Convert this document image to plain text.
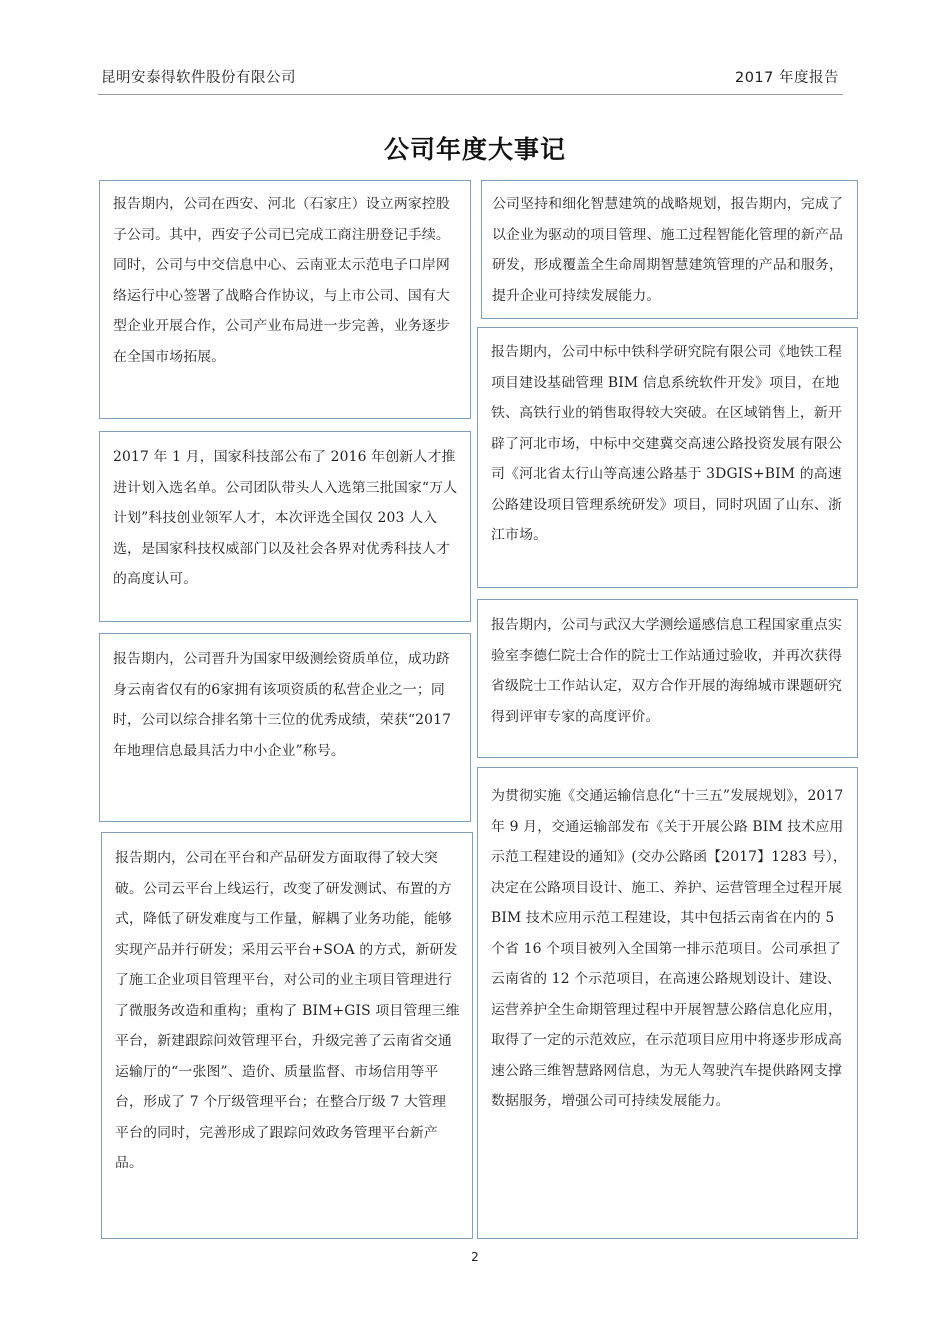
昆明安泰得软件股份有限公司	2017 年度报告
公司年度大事记

报告期内，公司在西安、河北（石家庄）设立两家控股子公司。其中，西安子公司已完成工商注册登记手续。同时，公司与中交信息中心、云南亚太示范电子口岸网络运行中心签署了战略合作协议，与上市公司、国有大型企业开展合作，公司产业布局进一步完善，业务逐步在全国市场拓展。

2017 年 1 月，国家科技部公布了 2016 年创新人才推进计划入选名单。公司团队带头人入选第三批国家“万人计划”科技创业领军人才，本次评选全国仅 203 人入选，是国家科技权威部门以及社会各界对优秀科技人才的高度认可。

报告期内，公司晋升为国家甲级测绘资质单位，成功跻身云南省仅有的6家拥有该项资质的私营企业之一；同时，公司以综合排名第十三位的优秀成绩，荣获“2017 年地理信息最具活力中小企业”称号。

报告期内，公司在平台和产品研发方面取得了较大突破。公司云平台上线运行，改变了研发测试、布置的方式，降低了研发难度与工作量，解耦了业务功能，能够实现产品并行研发；采用云平台+SOA 的方式，新研发了施工企业项目管理平台，对公司的业主项目管理进行了微服务改造和重构；重构了 BIM+GIS 项目管理三维平台，新建跟踪问效管理平台，升级完善了云南省交通运输厅的“一张图”、造价、质量监督、市场信用等平台，形成了 7 个厅级管理平台；在整合厅级 7 大管理平台的同时，完善形成了跟踪问效政务管理平台新产品。

公司坚持和细化智慧建筑的战略规划，报告期内，完成了以企业为驱动的项目管理、施工过程智能化管理的新产品研发，形成覆盖全生命周期智慧建筑管理的产品和服务，提升企业可持续发展能力。

报告期内，公司中标中铁科学研究院有限公司《地铁工程项目建设基础管理 BIM 信息系统软件开发》项目，在地铁、高铁行业的销售取得较大突破。在区域销售上，新开辟了河北市场，中标中交建冀交高速公路投资发展有限公司《河北省太行山等高速公路基于 3DGIS+BIM 的高速公路建设项目管理系统研发》项目，同时巩固了山东、浙江市场。

报告期内，公司与武汉大学测绘遥感信息工程国家重点实验室李德仁院士合作的院士工作站通过验收，并再次获得省级院士工作站认定，双方合作开展的海绵城市课题研究得到评审专家的高度评价。

为贯彻实施《交通运输信息化“十三五”发展规划》，2017 年 9 月，交通运输部发布《关于开展公路 BIM 技术应用示范工程建设的通知》(交办公路函【2017】1283 号），决定在公路项目设计、施工、养护、运营管理全过程开展 BIM 技术应用示范工程建设，其中包括云南省在内的 5 个省 16 个项目被列入全国第一排示范项目。公司承担了云南省的 12 个示范项目，在高速公路规划设计、建设、运营养护全生命期管理过程中开展智慧公路信息化应用，取得了一定的示范效应，在示范项目应用中将逐步形成高速公路三维智慧路网信息，为无人驾驶汽车提供路网支撑数据服务，增强公司可持续发展能力。

2
